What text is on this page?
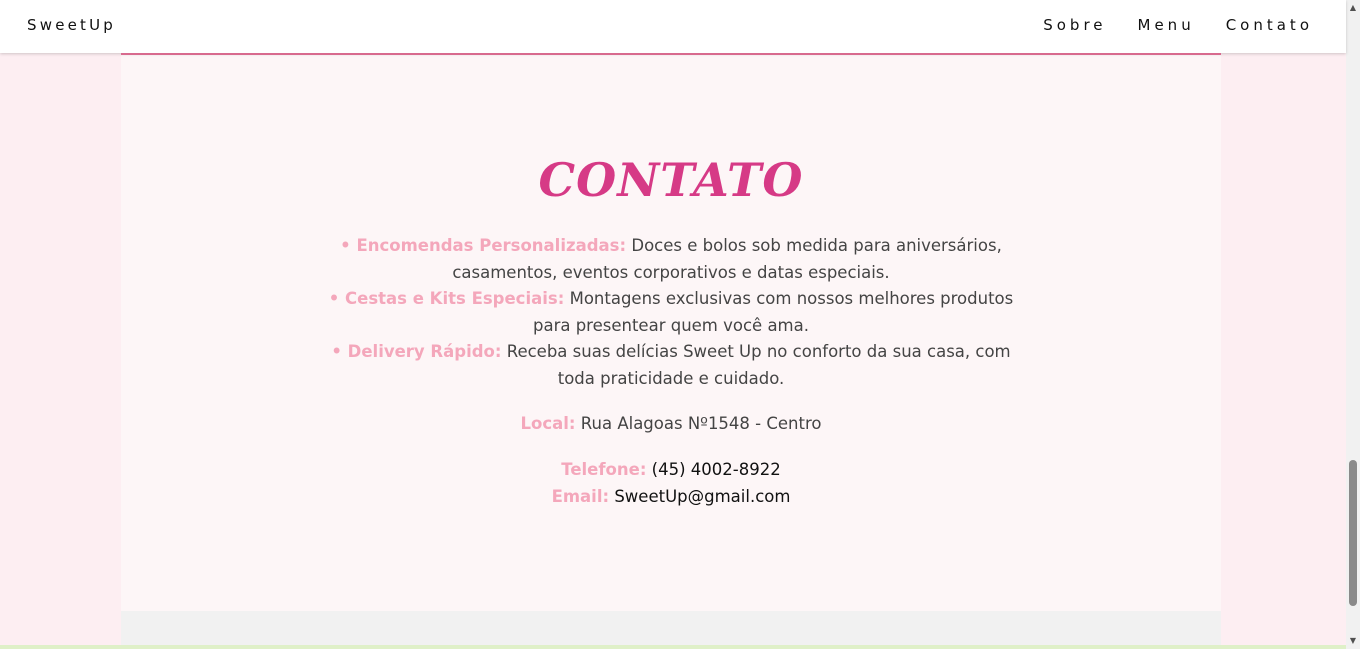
SweetUp	Sobre Menu Contato
CONTATO
• Encomendas Personalizadas: Doces e bolos sob medida para aniversários, casamentos, eventos corporativos e datas especiais.
• Cestas e Kits Especiais: Montagens exclusivas com nossos melhores produtos para presentear quem você ama.
• Delivery Rápido: Receba suas delícias Sweet Up no conforto da sua casa, com toda praticidade e cuidado.
Local: Rua Alagoas Nº1548 - Centro
Telefone: (45) 4002-8922
Email: SweetUp@gmail.com
▲
▼
